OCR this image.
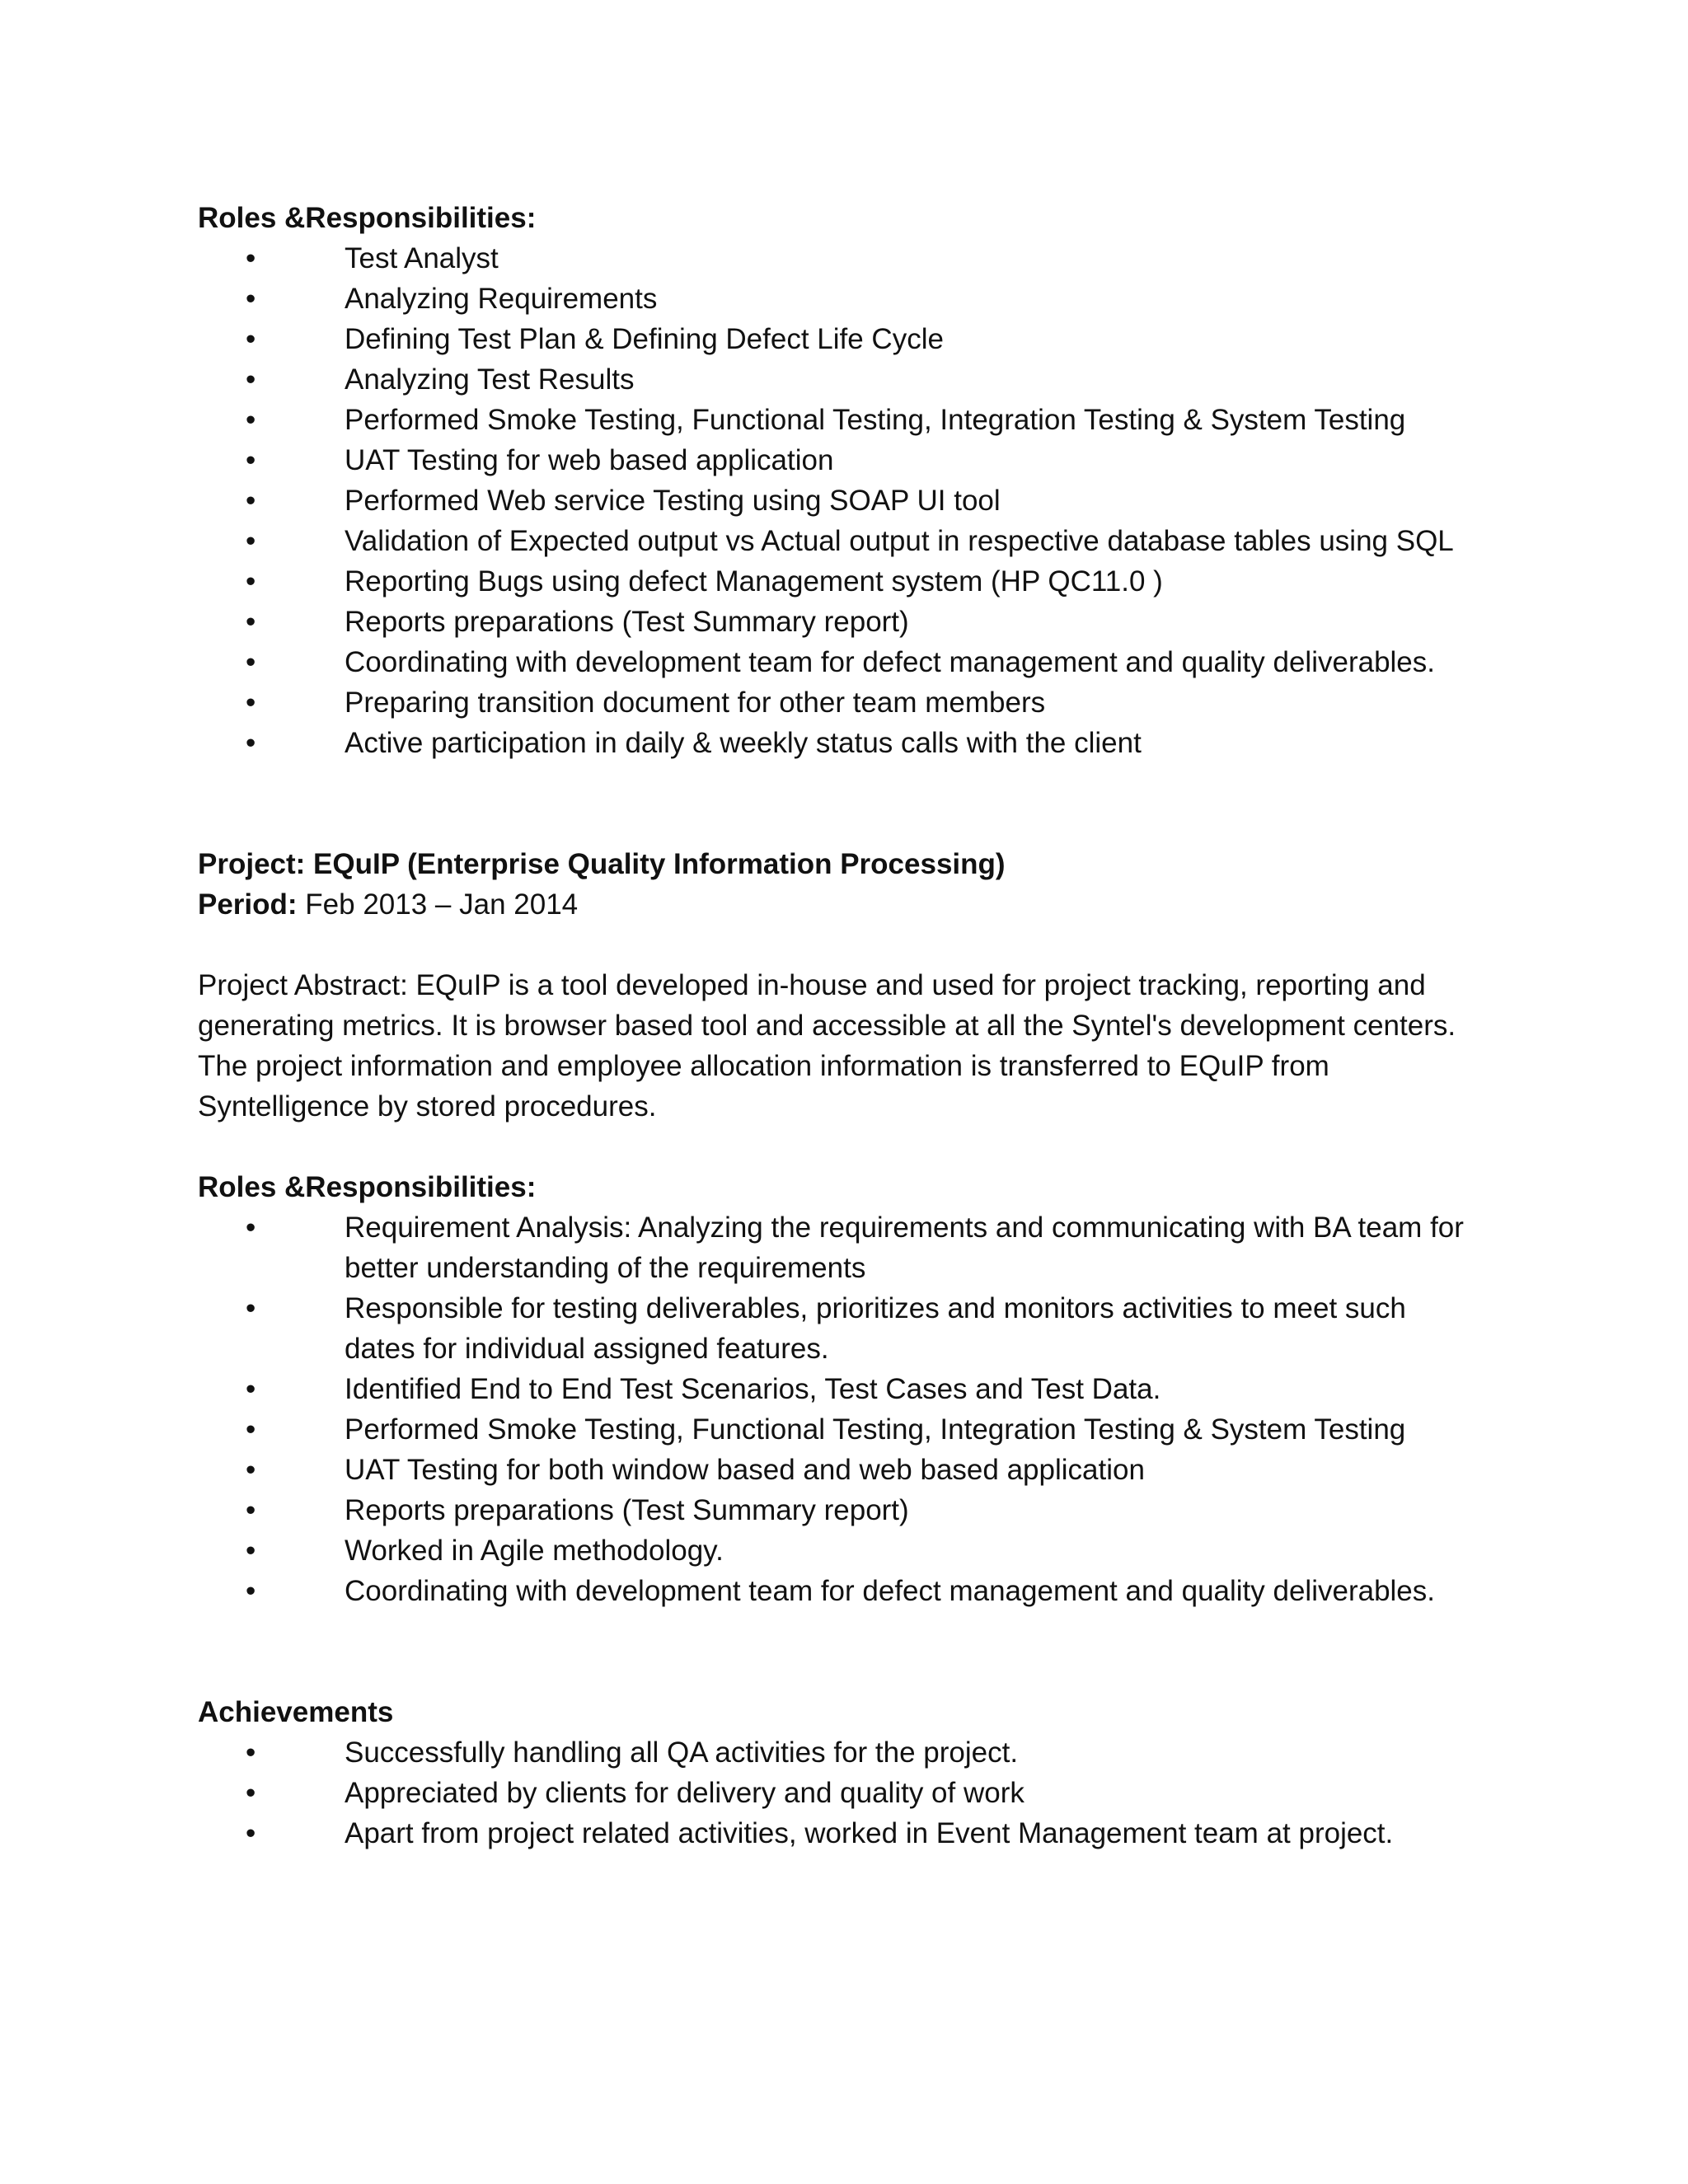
Roles &Responsibilities:

•	Test Analyst
•	Analyzing Requirements
•	Defining Test Plan & Defining Defect Life Cycle
•	Analyzing Test Results
•	Performed Smoke Testing, Functional Testing, Integration Testing & System Testing
•	UAT Testing for web based application
•	Performed Web service Testing using SOAP UI tool
•	Validation of Expected output vs Actual output in respective database tables using SQL
•	Reporting Bugs using defect Management system (HP QC11.0 )
•	Reports preparations (Test Summary report)
•	Coordinating with development team for defect management and quality deliverables.
•	Preparing transition document for other team members
•	Active participation in daily & weekly status calls with the client

Project: EQuIP (Enterprise Quality Information Processing)

Period: Feb 2013 – Jan 2014

Project Abstract: EQuIP is a tool developed in-house and used for project tracking, reporting and generating metrics. It is browser based tool and accessible at all the Syntel's development centers. The project information and employee allocation information is transferred to EQuIP from Syntelligence by stored procedures.

Roles &Responsibilities:

•	Requirement Analysis: Analyzing the requirements and communicating with BA team for better understanding of the requirements
•	Responsible for testing deliverables, prioritizes and monitors activities to meet such dates for individual assigned features.
•	Identified End to End Test Scenarios, Test Cases and Test Data.
•	Performed Smoke Testing, Functional Testing, Integration Testing & System Testing
•	UAT Testing for both window based and web based application
•	Reports preparations (Test Summary report)
•	Worked in Agile methodology.
•	Coordinating with development team for defect management and quality deliverables.

Achievements

•	Successfully handling all QA activities for the project.
•	Appreciated by clients for delivery and quality of work
•	Apart from project related activities, worked in Event Management team at project.
